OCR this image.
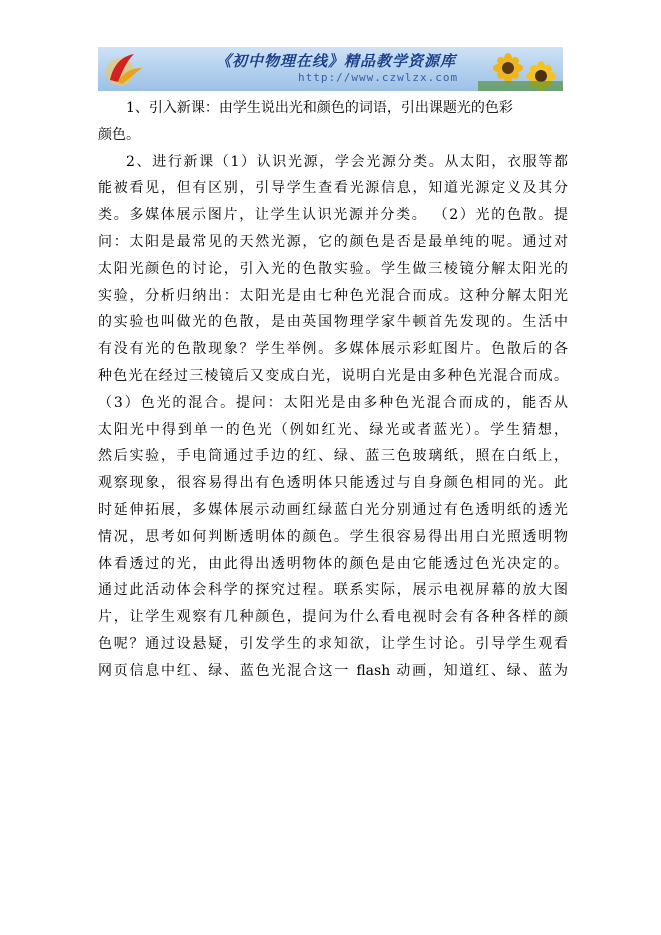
《初中物理在线》精品教学资源库
http://www.czwlzx.com
1、引入新课：由学生说出光和颜色的词语，引出课题光的色彩
颜色。
2、进行新课（1）认识光源，学会光源分类。从太阳，衣服等都
能被看见，但有区别，引导学生查看光源信息，知道光源定义及其分
类。多媒体展示图片，让学生认识光源并分类。 （2）光的色散。提
问：太阳是最常见的天然光源，它的颜色是否是最单纯的呢。通过对
太阳光颜色的讨论，引入光的色散实验。学生做三棱镜分解太阳光的
实验，分析归纳出：太阳光是由七种色光混合而成。这种分解太阳光
的实验也叫做光的色散，是由英国物理学家牛顿首先发现的。生活中
有没有光的色散现象？学生举例。多媒体展示彩虹图片。色散后的各
种色光在经过三棱镜后又变成白光，说明白光是由多种色光混合而成。
（3）色光的混合。提问：太阳光是由多种色光混合而成的，能否从
太阳光中得到单一的色光（例如红光、绿光或者蓝光）。学生猜想，
然后实验，手电筒通过手边的红、绿、蓝三色玻璃纸，照在白纸上，
观察现象，很容易得出有色透明体只能透过与自身颜色相同的光。此
时延伸拓展，多媒体展示动画红绿蓝白光分别通过有色透明纸的透光
情况，思考如何判断透明体的颜色。学生很容易得出用白光照透明物
体看透过的光，由此得出透明物体的颜色是由它能透过色光决定的。
通过此活动体会科学的探究过程。联系实际，展示电视屏幕的放大图
片，让学生观察有几种颜色，提问为什么看电视时会有各种各样的颜
色呢？通过设悬疑，引发学生的求知欲，让学生讨论。引导学生观看
网页信息中红、绿、蓝色光混合这一 flash 动画，知道红、绿、蓝为
